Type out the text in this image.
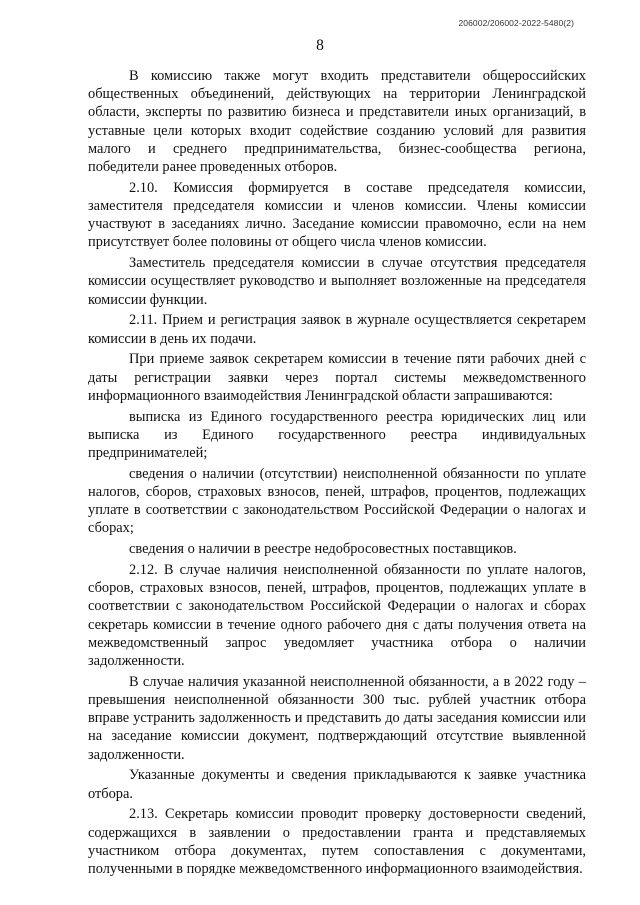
206002/206002-2022-5480(2)
8

В комиссию также могут входить представители общероссийских общественных объединений, действующих на территории Ленинградской области, эксперты по развитию бизнеса и представители иных организаций, в уставные цели которых входит содействие созданию условий для развития малого и среднего предпринимательства, бизнес-сообщества региона, победители ранее проведенных отборов.

2.10. Комиссия формируется в составе председателя комиссии, заместителя председателя комиссии и членов комиссии. Члены комиссии участвуют в заседаниях лично. Заседание комиссии правомочно, если на нем присутствует более половины от общего числа членов комиссии.

Заместитель председателя комиссии в случае отсутствия председателя комиссии осуществляет руководство и выполняет возложенные на председателя комиссии функции.

2.11. Прием и регистрация заявок в журнале осуществляется секретарем комиссии в день их подачи.

При приеме заявок секретарем комиссии в течение пяти рабочих дней с даты регистрации заявки через портал системы межведомственного информационного взаимодействия Ленинградской области запрашиваются:

выписка из Единого государственного реестра юридических лиц или выписка из Единого государственного реестра индивидуальных предпринимателей;

сведения о наличии (отсутствии) неисполненной обязанности по уплате налогов, сборов, страховых взносов, пеней, штрафов, процентов, подлежащих уплате в соответствии с законодательством Российской Федерации о налогах и сборах;

сведения о наличии в реестре недобросовестных поставщиков.

2.12. В случае наличия неисполненной обязанности по уплате налогов, сборов, страховых взносов, пеней, штрафов, процентов, подлежащих уплате в соответствии с законодательством Российской Федерации о налогах и сборах секретарь комиссии в течение одного рабочего дня с даты получения ответа на межведомственный запрос уведомляет участника отбора о наличии задолженности.

В случае наличия указанной неисполненной обязанности, а в 2022 году – превышения неисполненной обязанности 300 тыс. рублей участник отбора вправе устранить задолженность и представить до даты заседания комиссии или на заседание комиссии документ, подтверждающий отсутствие выявленной задолженности.

Указанные документы и сведения прикладываются к заявке участника отбора.

2.13. Секретарь комиссии проводит проверку достоверности сведений, содержащихся в заявлении о предоставлении гранта и представляемых участником отбора документах, путем сопоставления с документами, полученными в порядке межведомственного информационного взаимодействия.
